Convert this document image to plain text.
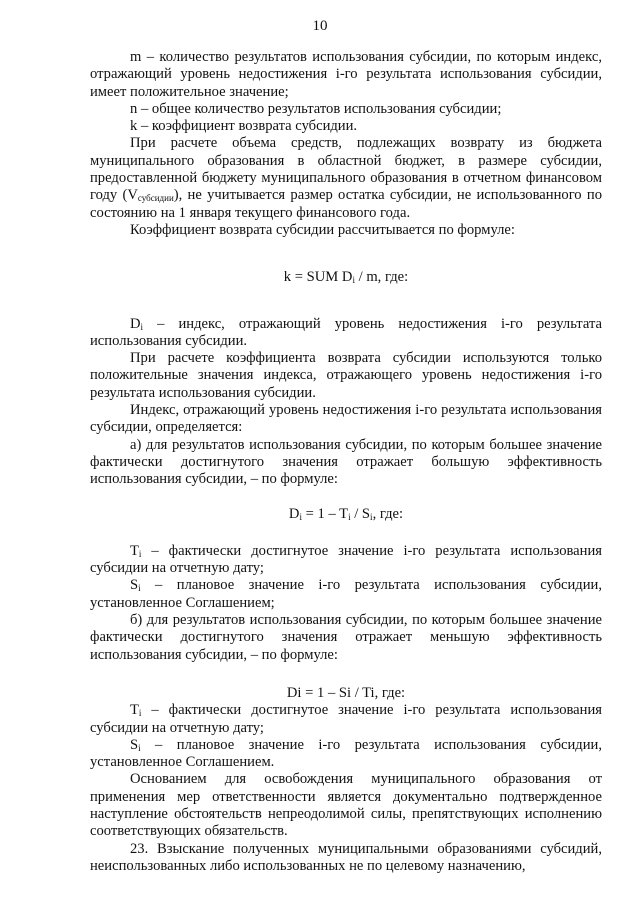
10

m – количество результатов использования субсидии, по которым индекс, отражающий уровень недостижения i-го результата использования субсидии, имеет положительное значение;

n – общее количество результатов использования субсидии;

k – коэффициент возврата субсидии.

При расчете объема средств, подлежащих возврату из бюджета муниципального образования в областной бюджет, в размере субсидии, предоставленной бюджету муниципального образования в отчетном финансовом году $(V_{субсидии})$, не учитывается размер остатка субсидии, не использованного по состоянию на 1 января текущего финансового года.

Коэффициент возврата субсидии рассчитывается по формуле:

k = SUM $D_i$ / m, где:

$D_i$ – индекс, отражающий уровень недостижения i-го результата использования субсидии.

При расчете коэффициента возврата субсидии используются только положительные значения индекса, отражающего уровень недостижения i-го результата использования субсидии.

Индекс, отражающий уровень недостижения i-го результата использования субсидии, определяется:

а) для результатов использования субсидии, по которым большее значение фактически достигнутого значения отражает большую эффективность использования субсидии, – по формуле:

$D_i = 1 - T_i / S_i$, где:

$T_i$ – фактически достигнутое значение i-го результата использования субсидии на отчетную дату;

$S_i$ – плановое значение i-го результата использования субсидии, установленное Соглашением;

б) для результатов использования субсидии, по которым большее значение фактически достигнутого значения отражает меньшую эффективность использования субсидии, – по формуле:

Di = 1 – Si / Ti, где:

$T_i$ – фактически достигнутое значение i-го результата использования субсидии на отчетную дату;

$S_i$ – плановое значение i-го результата использования субсидии, установленное Соглашением.

Основанием для освобождения муниципального образования от применения мер ответственности является документально подтвержденное наступление обстоятельств непреодолимой силы, препятствующих исполнению соответствующих обязательств.

23. Взыскание полученных муниципальными образованиями субсидий, неиспользованных либо использованных не по целевому назначению,
